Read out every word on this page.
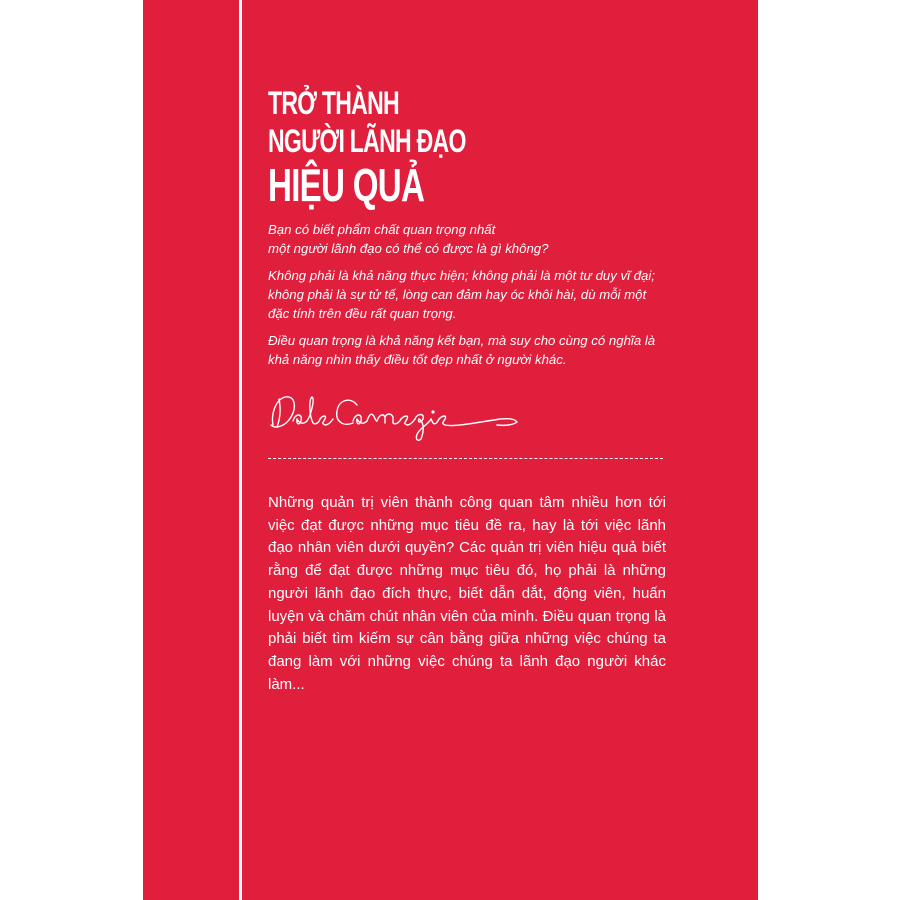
TRỞ THÀNH
NGƯỜI LÃNH ĐẠO
HIỆU QUẢ

Bạn có biết phẩm chất quan trọng nhất
một người lãnh đạo có thể có được là gì không?

Không phải là khả năng thực hiện; không phải là một tư duy vĩ đại;
không phải là sự tử tế, lòng can đảm hay óc khôi hài, dù mỗi một
đặc tính trên đều rất quan trọng.

Điều quan trọng là khả năng kết bạn, mà suy cho cùng có nghĩa là
khả năng nhìn thấy điều tốt đẹp nhất ở người khác.

Dale Carnegie
Những quản trị viên thành công quan tâm nhiều hơn tới việc đạt được những mục tiêu đề ra, hay là tới việc lãnh đạo nhân viên dưới quyền? Các quản trị viên hiệu quả biết rằng để đạt được những mục tiêu đó, họ phải là những người lãnh đạo đích thực, biết dẫn dắt, động viên, huấn luyện và chăm chút nhân viên của mình. Điều quan trọng là phải biết tìm kiếm sự cân bằng giữa những việc chúng ta đang làm với những việc chúng ta lãnh đạo người khác làm...
